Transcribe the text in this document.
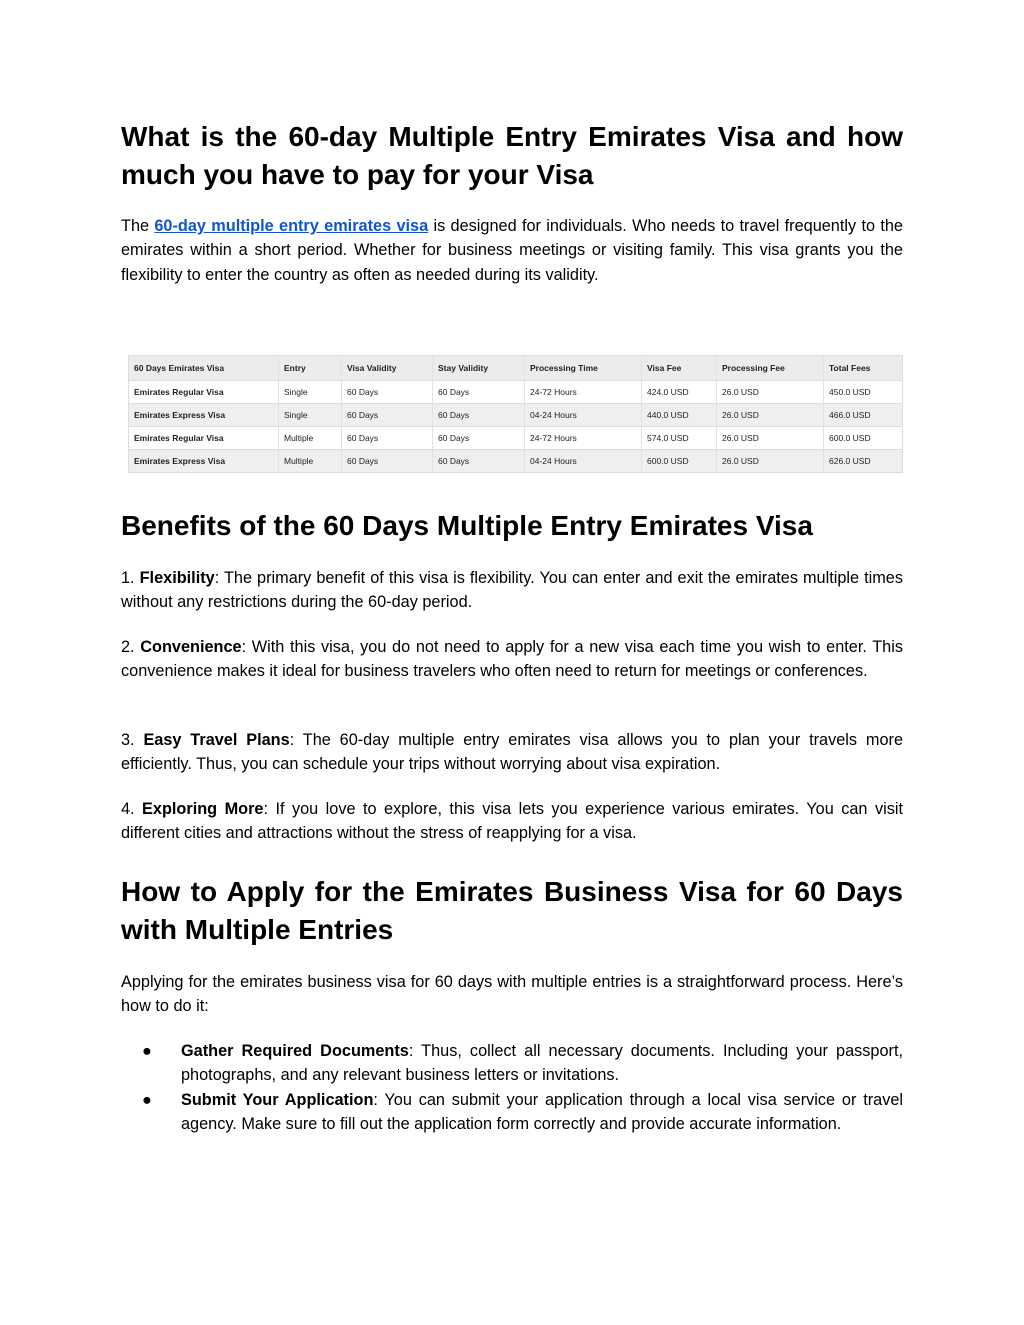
What is the 60-day Multiple Entry Emirates Visa and how much you have to pay for your Visa

The 60-day multiple entry emirates visa is designed for individuals. Who needs to travel frequently to the emirates within a short period. Whether for business meetings or visiting family. This visa grants you the flexibility to enter the country as often as needed during its validity.

60 Days Emirates Visa	Entry	Visa Validity	Stay Validity	Processing Time	Visa Fee	Processing Fee	Total Fees
Emirates Regular Visa	Single	60 Days	60 Days	24-72 Hours	424.0 USD	26.0 USD	450.0 USD
Emirates Express Visa	Single	60 Days	60 Days	04-24 Hours	440.0 USD	26.0 USD	466.0 USD
Emirates Regular Visa	Multiple	60 Days	60 Days	24-72 Hours	574.0 USD	26.0 USD	600.0 USD
Emirates Express Visa	Multiple	60 Days	60 Days	04-24 Hours	600.0 USD	26.0 USD	626.0 USD
Benefits of the 60 Days Multiple Entry Emirates Visa

1. Flexibility: The primary benefit of this visa is flexibility. You can enter and exit the emirates multiple times without any restrictions during the 60-day period.

2. Convenience: With this visa, you do not need to apply for a new visa each time you wish to enter. This convenience makes it ideal for business travelers who often need to return for meetings or conferences.

3. Easy Travel Plans: The 60-day multiple entry emirates visa allows you to plan your travels more efficiently. Thus, you can schedule your trips without worrying about visa expiration.

4. Exploring More: If you love to explore, this visa lets you experience various emirates. You can visit different cities and attractions without the stress of reapplying for a visa.

How to Apply for the Emirates Business Visa for 60 Days with Multiple Entries

Applying for the emirates business visa for 60 days with multiple entries is a straightforward process. Here’s how to do it:

● Gather Required Documents: Thus, collect all necessary documents. Including your passport, photographs, and any relevant business letters or invitations.
● Submit Your Application: You can submit your application through a local visa service or travel agency. Make sure to fill out the application form correctly and provide accurate information.
